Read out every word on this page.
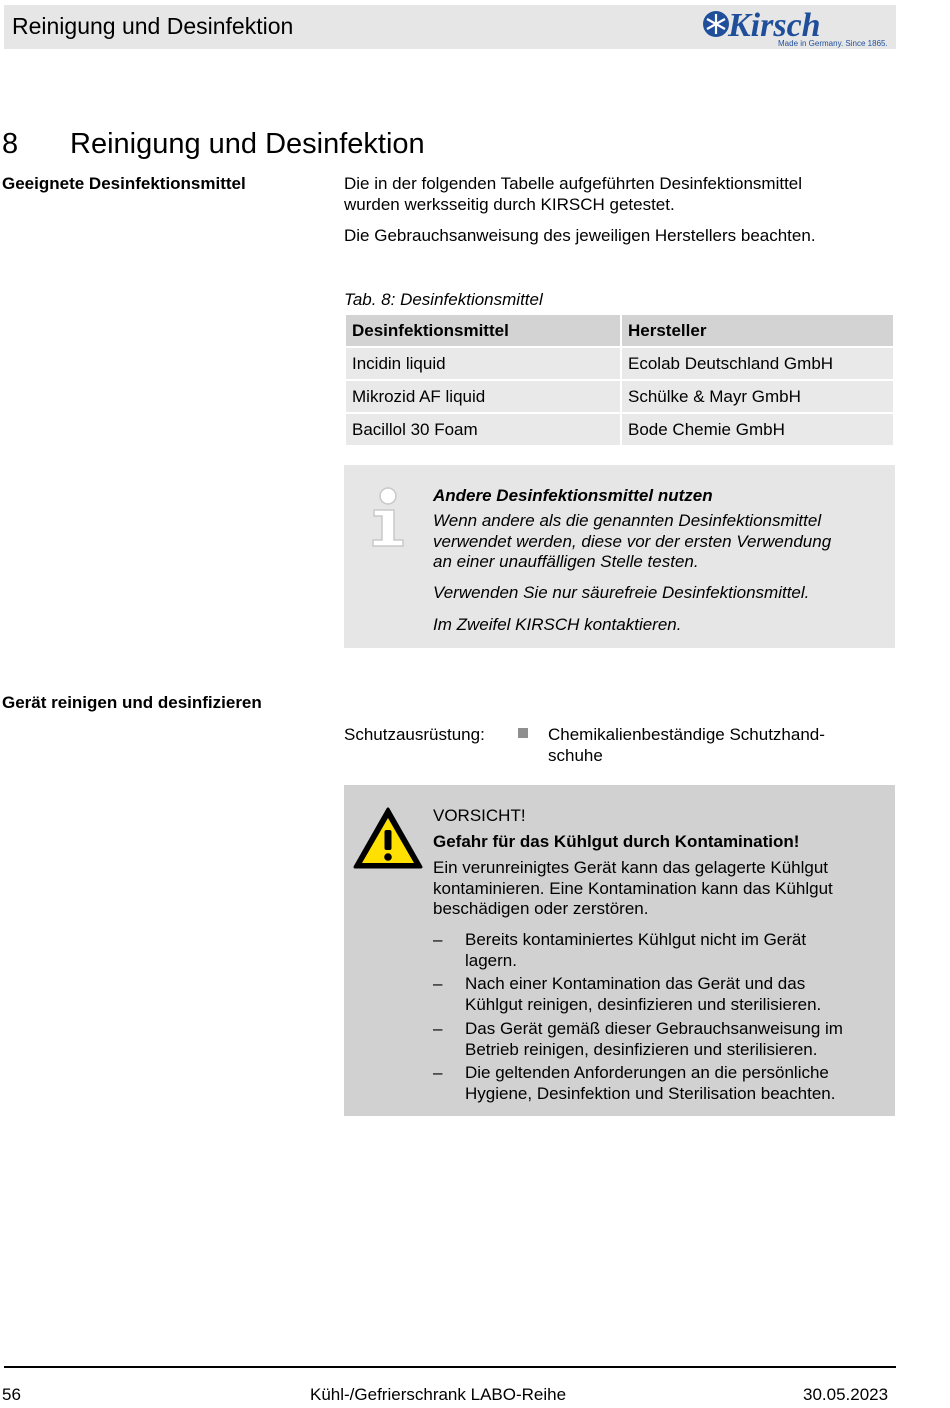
Reinigung und Desinfektion	Kirsch
Made in Germany. Since 1865.
8 Reinigung und Desinfektion
Geeignete Desinfektionsmittel	Die in der folgenden Tabelle aufgeführten Desinfektionsmittel
wurden werksseitig durch KIRSCH getestet.
Die Gebrauchsanweisung des jeweiligen Herstellers beachten.
Tab. 8: Desinfektionsmittel
Desinfektionsmittel	Hersteller
Incidin liquid	Ecolab Deutschland GmbH
Mikrozid AF liquid	Schülke & Mayr GmbH
Bacillol 30 Foam	Bode Chemie GmbH
Andere Desinfektionsmittel nutzen
Wenn andere als die genannten Desinfektionsmittel
verwendet werden, diese vor der ersten Verwendung
an einer unauffälligen Stelle testen.
Verwenden Sie nur säurefreie Desinfektionsmittel.
Im Zweifel KIRSCH kontaktieren.
Gerät reinigen und desinfizieren
Schutzausrüstung:	Chemikalienbeständige Schutzhand-
schuhe
VORSICHT!
Gefahr für das Kühlgut durch Kontamination!
Ein verunreinigtes Gerät kann das gelagerte Kühlgut
kontaminieren. Eine Kontamination kann das Kühlgut
beschädigen oder zerstören.
– Bereits kontaminiertes Kühlgut nicht im Gerät
lagern.
– Nach einer Kontamination das Gerät und das
Kühlgut reinigen, desinfizieren und sterilisieren.
– Das Gerät gemäß dieser Gebrauchsanweisung im
Betrieb reinigen, desinfizieren und sterilisieren.
– Die geltenden Anforderungen an die persönliche
Hygiene, Desinfektion und Sterilisation beachten.
56	Kühl-/Gefrierschrank LABO-Reihe	30.05.2023
